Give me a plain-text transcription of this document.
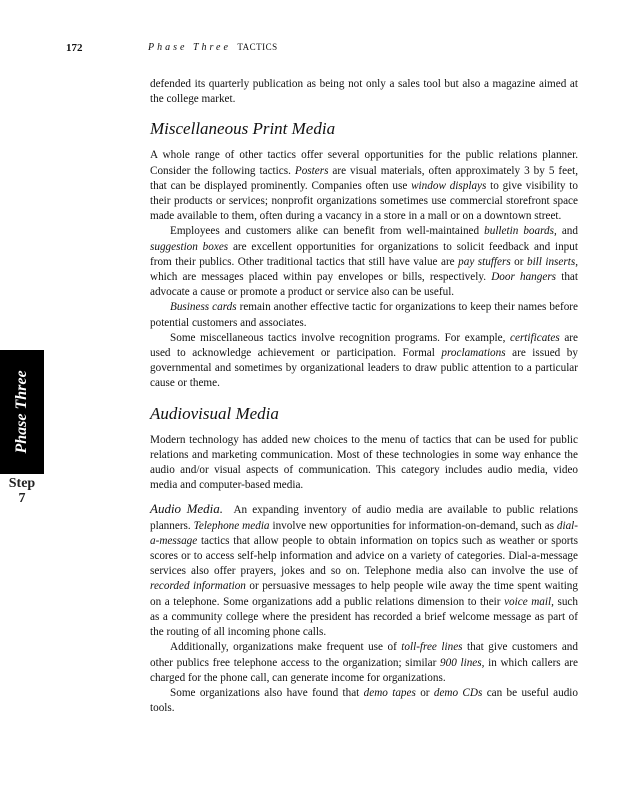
172	Phase Three TACTICS
Phase Three
Step
7

defended its quarterly publication as being not only a sales tool but also a magazine aimed at the college market.

Miscellaneous Print Media

A whole range of other tactics offer several opportunities for the public relations planner. Consider the following tactics. Posters are visual materials, often approximately 3 by 5 feet, that can be displayed prominently. Companies often use window displays to give visibility to their products or services; nonprofit organizations sometimes use commercial storefront space made available to them, often during a vacancy in a store in a mall or on a downtown street.

Employees and customers alike can benefit from well-maintained bulletin boards, and suggestion boxes are excellent opportunities for organizations to solicit feedback and input from their publics. Other traditional tactics that still have value are pay stuffers or bill inserts, which are messages placed within pay envelopes or bills, respectively. Door hangers that advocate a cause or promote a product or service also can be useful.

Business cards remain another effective tactic for organizations to keep their names before potential customers and associates.

Some miscellaneous tactics involve recognition programs. For example, certificates are used to acknowledge achievement or participation. Formal proclamations are issued by governmental and sometimes by organizational leaders to draw public attention to a particular cause or theme.

Audiovisual Media

Modern technology has added new choices to the menu of tactics that can be used for public relations and marketing communication. Most of these technologies in some way enhance the audio and/or visual aspects of communication. This category includes audio media, video media and computer-based media.

Audio Media. An expanding inventory of audio media are available to public relations planners. Telephone media involve new opportunities for information-on-demand, such as dial-a-message tactics that allow people to obtain information on topics such as weather or sports scores or to access self-help information and advice on a variety of categories. Dial-a-message services also offer prayers, jokes and so on. Telephone media also can involve the use of recorded information or persuasive messages to help people wile away the time spent waiting on a telephone. Some organizations add a public relations dimension to their voice mail, such as a community college where the president has recorded a brief welcome message as part of the routing of all incoming phone calls.

Additionally, organizations make frequent use of toll-free lines that give customers and other publics free telephone access to the organization; similar 900 lines, in which callers are charged for the phone call, can generate income for organizations.

Some organizations also have found that demo tapes or demo CDs can be useful audio tools.
